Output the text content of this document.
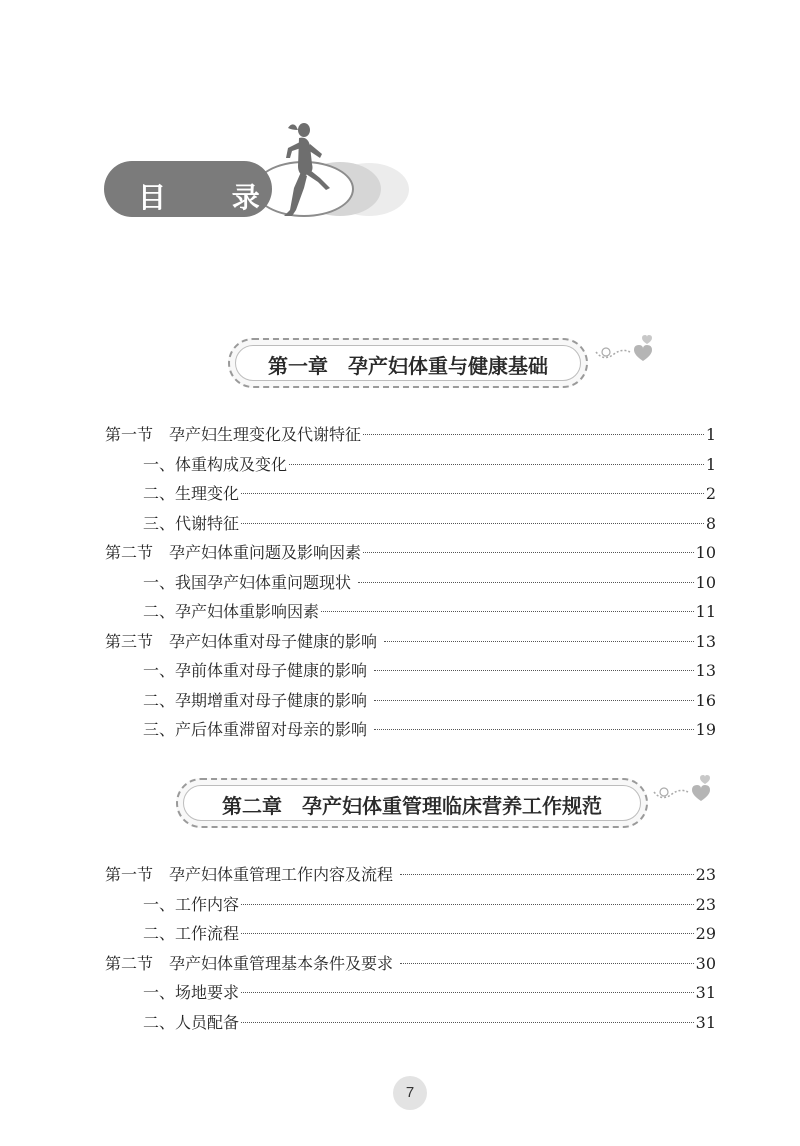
目 录
第一章　孕产妇体重与健康基础
第一节　孕产妇生理变化及代谢特征	1
一、体重构成及变化	1
二、生理变化	2
三、代谢特征	8
第二节　孕产妇体重问题及影响因素	10
一、我国孕产妇体重问题现状	10
二、孕产妇体重影响因素	11
第三节　孕产妇体重对母子健康的影响	13
一、孕前体重对母子健康的影响	13
二、孕期增重对母子健康的影响	16
三、产后体重滞留对母亲的影响	19
第二章　孕产妇体重管理临床营养工作规范
第一节　孕产妇体重管理工作内容及流程	23
一、工作内容	23
二、工作流程	29
第二节　孕产妇体重管理基本条件及要求	30
一、场地要求	31
二、人员配备	31
7
